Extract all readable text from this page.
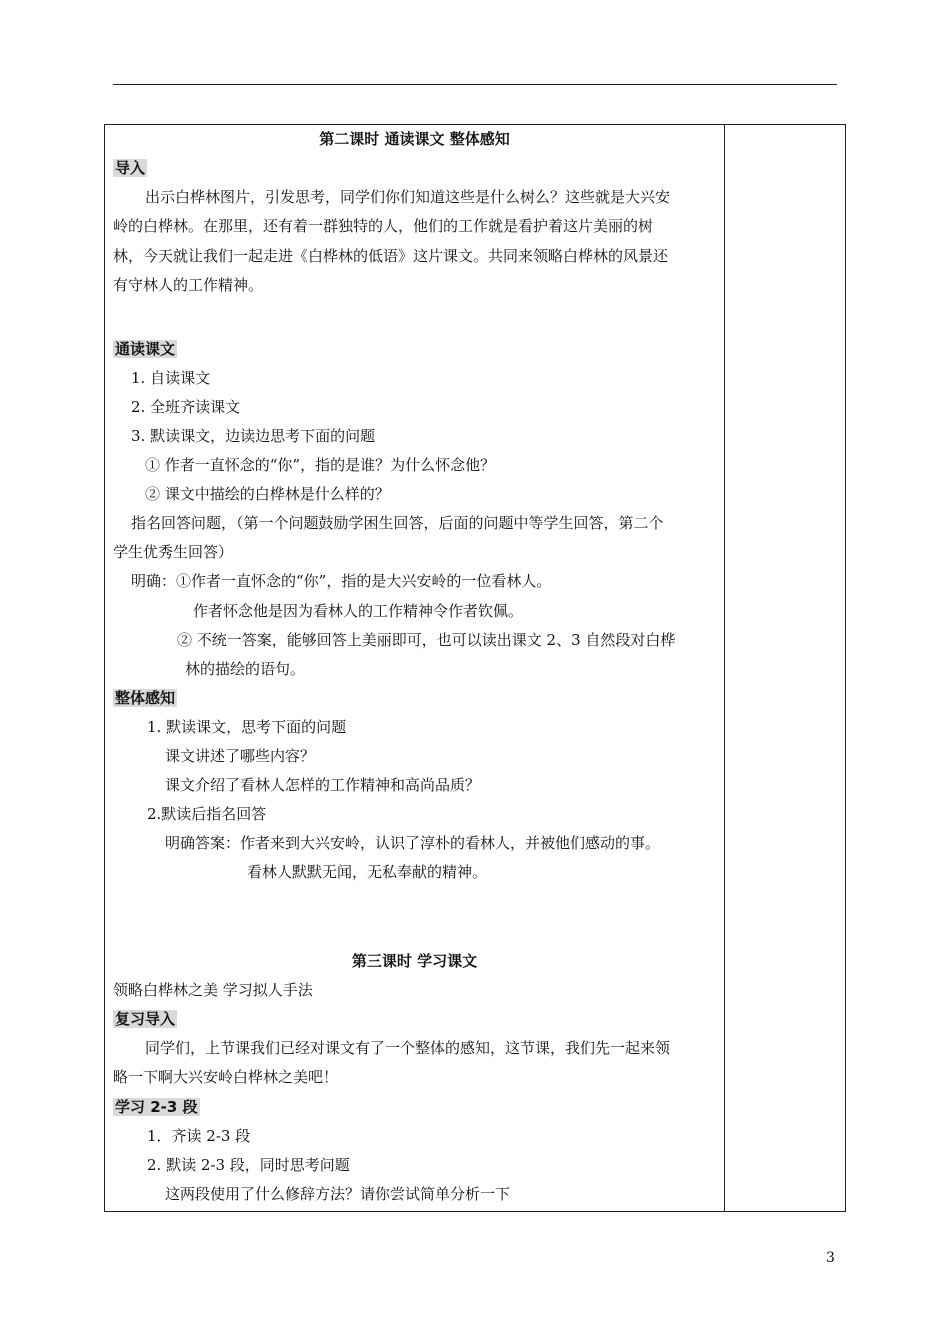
第二课时 通读课文 整体感知
导入
出示白桦林图片，引发思考，同学们你们知道这些是什么树么？这些就是大兴安
岭的白桦林。在那里，还有着一群独特的人，他们的工作就是看护着这片美丽的树
林，今天就让我们一起走进《白桦林的低语》这片课文。共同来领略白桦林的风景还
有守林人的工作精神。
通读课文
1. 自读课文
2. 全班齐读课文
3. 默读课文，边读边思考下面的问题
① 作者一直怀念的“你”，指的是谁？为什么怀念他？
② 课文中描绘的白桦林是什么样的？
指名回答问题，（第一个问题鼓励学困生回答，后面的问题中等学生回答，第二个
学生优秀生回答）
明确：①作者一直怀念的“你”，指的是大兴安岭的一位看林人。
作者怀念他是因为看林人的工作精神令作者钦佩。
② 不统一答案，能够回答上美丽即可，也可以读出课文 2、3 自然段对白桦
林的描绘的语句。
整体感知
1. 默读课文，思考下面的问题
课文讲述了哪些内容？
课文介绍了看林人怎样的工作精神和高尚品质？
2.默读后指名回答
明确答案：作者来到大兴安岭，认识了淳朴的看林人，并被他们感动的事。
看林人默默无闻，无私奉献的精神。
第三课时 学习课文
领略白桦林之美 学习拟人手法
复习导入
同学们，上节课我们已经对课文有了一个整体的感知，这节课，我们先一起来领
略一下啊大兴安岭白桦林之美吧！
学习 2-3 段
1．齐读 2-3 段
2. 默读 2-3 段，同时思考问题
这两段使用了什么修辞方法？请你尝试简单分析一下
3
